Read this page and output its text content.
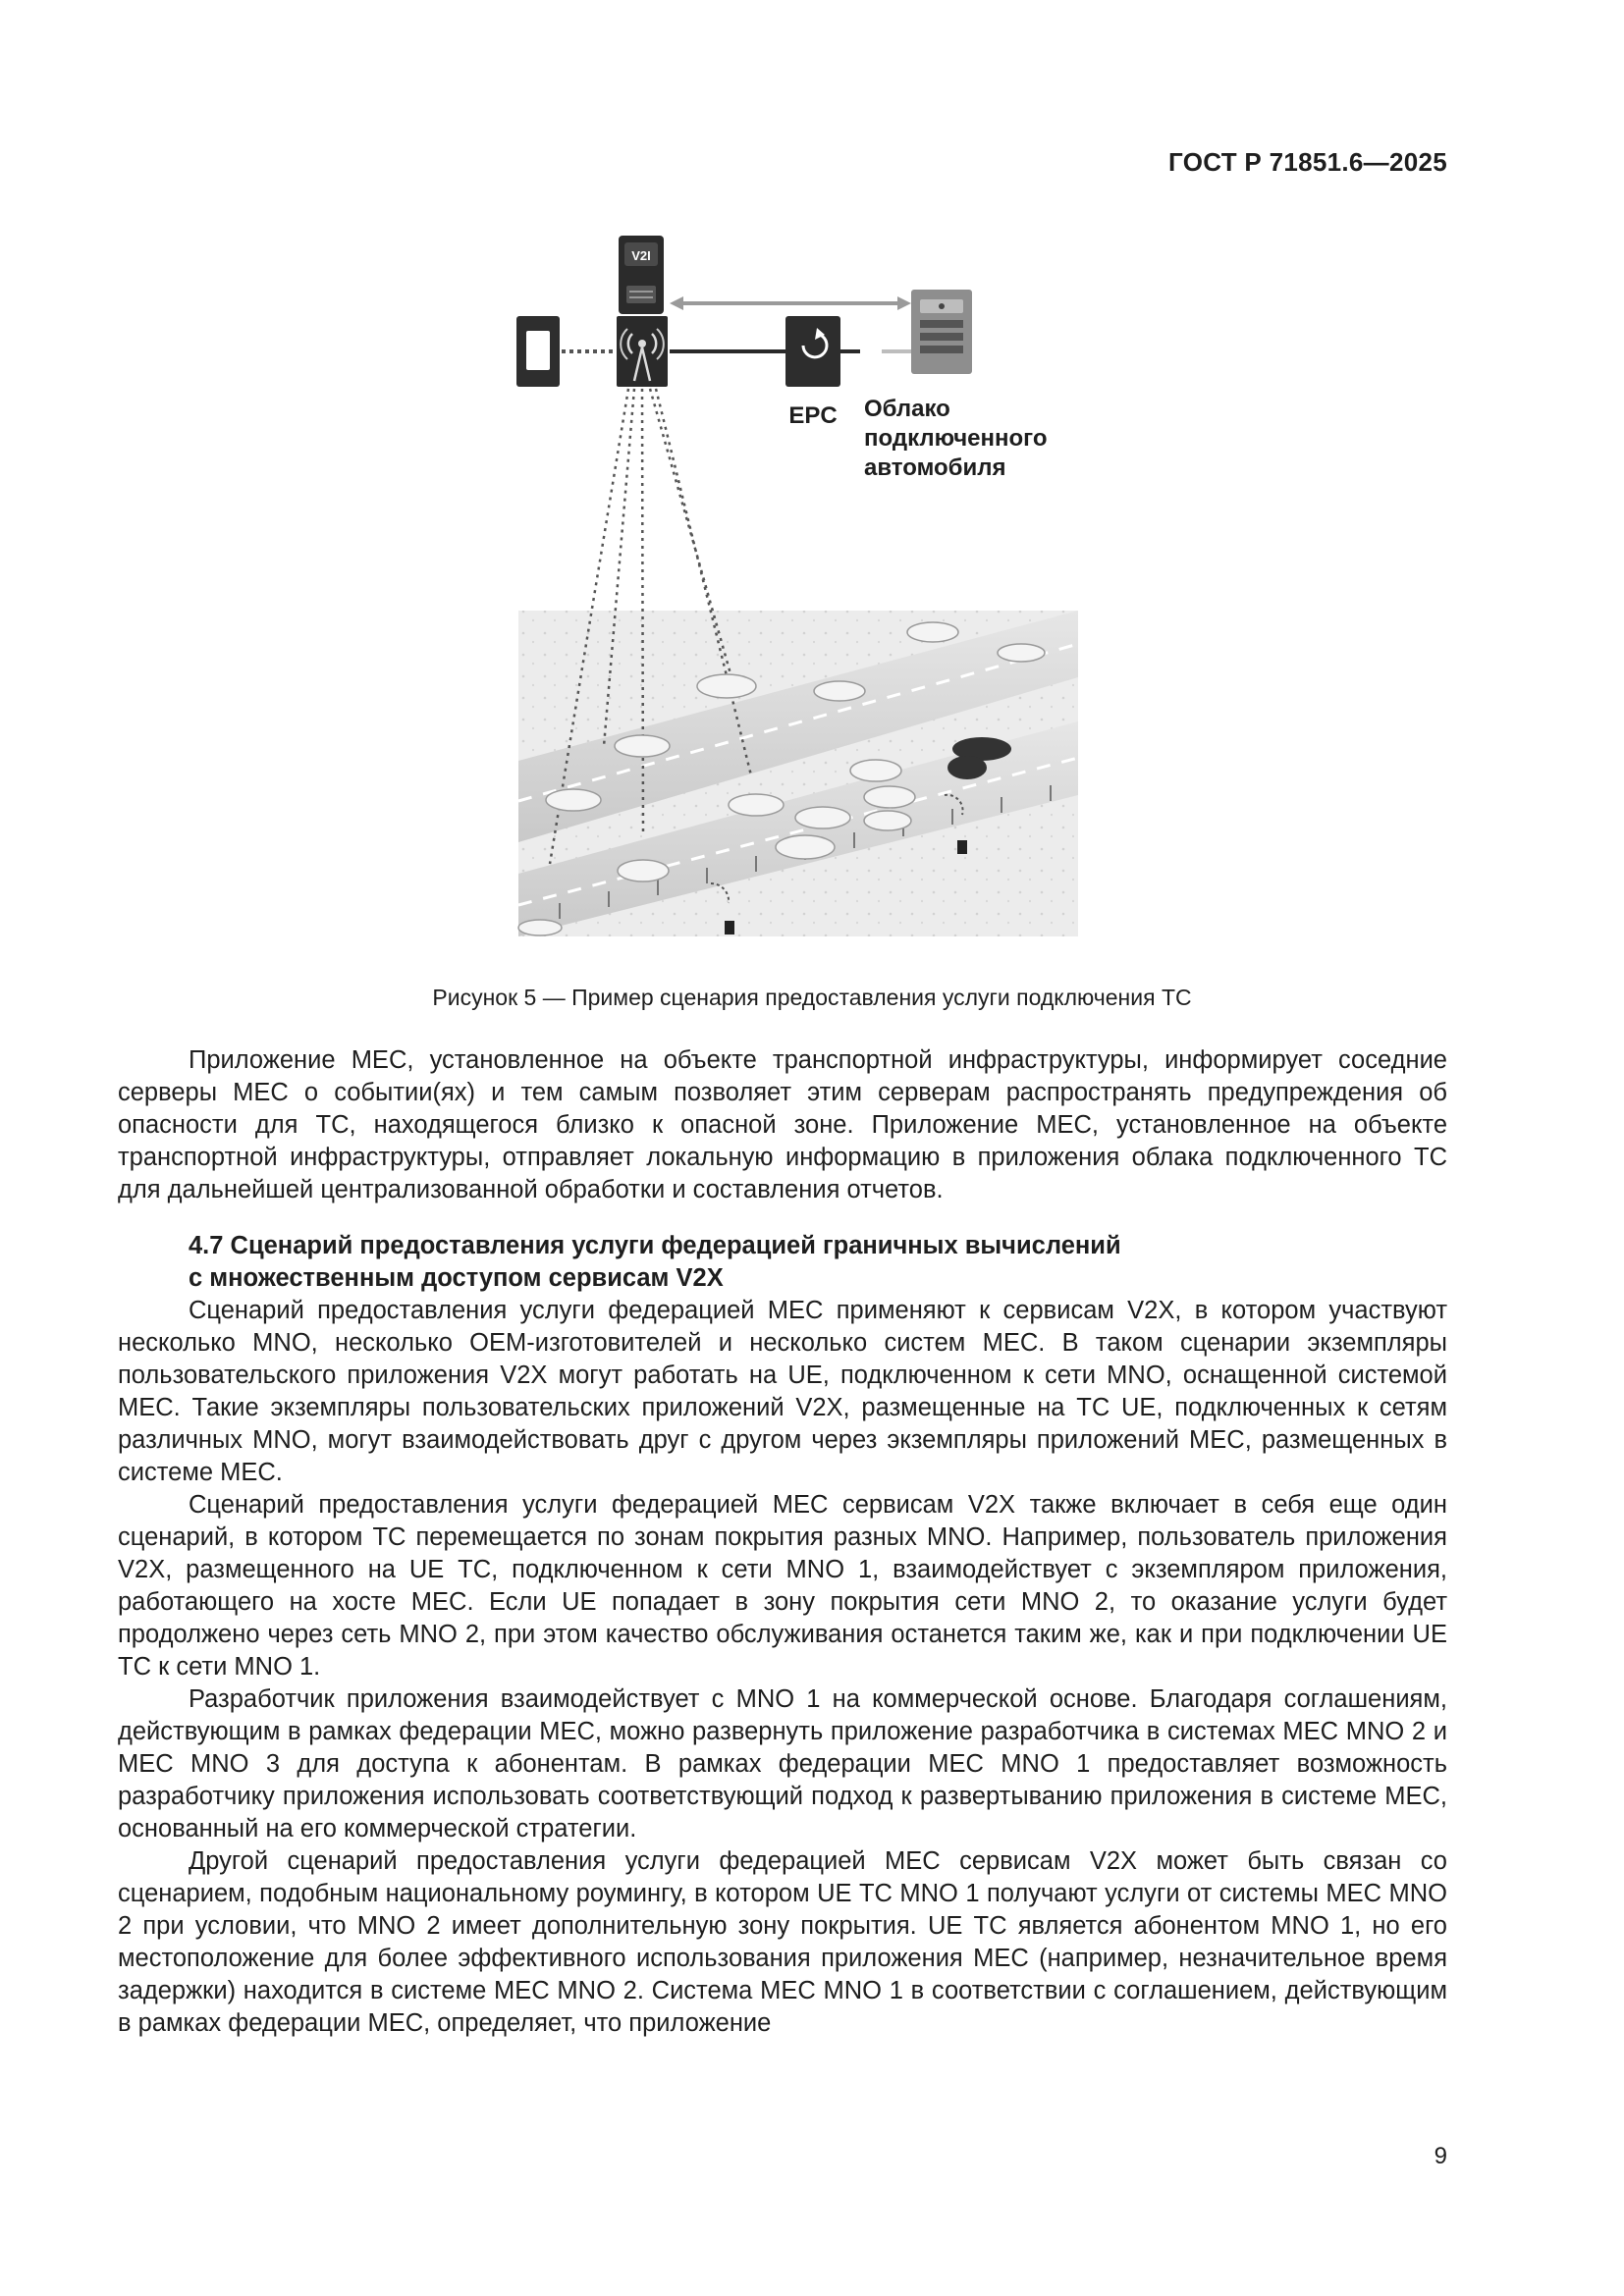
ГОСТ Р 71851.6—2025
V2I
EPC Облако
подключенного
автомобиля
Рисунок 5 — Пример сценария предоставления услуги подключения ТС

Приложение MEC, установленное на объекте транспортной инфраструктуры, информирует соседние серверы MEC о событии(ях) и тем самым позволяет этим серверам распространять предупреждения об опасности для ТС, находящегося близко к опасной зоне. Приложение MEC, установленное на объекте транспортной инфраструктуры, отправляет локальную информацию в приложения облака подключенного ТС для дальнейшей централизованной обработки и составления отчетов.

4.7 Сценарий предоставления услуги федерацией граничных вычислений
с множественным доступом сервисам V2X

Сценарий предоставления услуги федерацией MEC применяют к сервисам V2X, в котором участвуют несколько MNO, несколько OEM-изготовителей и несколько систем MEC. В таком сценарии экземпляры пользовательского приложения V2X могут работать на UE, подключенном к сети MNO, оснащенной системой MEC. Такие экземпляры пользовательских приложений V2X, размещенные на ТС UE, подключенных к сетям различных MNO, могут взаимодействовать друг с другом через экземпляры приложений MEC, размещенных в системе MEC.

Сценарий предоставления услуги федерацией MEC сервисам V2X также включает в себя еще один сценарий, в котором ТС перемещается по зонам покрытия разных MNO. Например, пользователь приложения V2X, размещенного на UE ТС, подключенном к сети MNO 1, взаимодействует с экземпляром приложения, работающего на хосте MEC. Если UE попадает в зону покрытия сети MNO 2, то оказание услуги будет продолжено через сеть MNO 2, при этом качество обслуживания останется таким же, как и при подключении UE ТС к сети MNO 1.

Разработчик приложения взаимодействует с MNO 1 на коммерческой основе. Благодаря соглашениям, действующим в рамках федерации MEC, можно развернуть приложение разработчика в системах MEC MNO 2 и MEC MNO 3 для доступа к абонентам. В рамках федерации MEC MNO 1 предоставляет возможность разработчику приложения использовать соответствующий подход к развертыванию приложения в системе MEC, основанный на его коммерческой стратегии.

Другой сценарий предоставления услуги федерацией MEC сервисам V2X может быть связан со сценарием, подобным национальному роумингу, в котором UE ТС MNO 1 получают услуги от системы MEC MNO 2 при условии, что MNO 2 имеет дополнительную зону покрытия. UE ТС является абонентом MNO 1, но его местоположение для более эффективного использования приложения MEC (например, незначительное время задержки) находится в системе MEC MNO 2. Система MEC MNO 1 в соответствии с соглашением, действующим в рамках федерации MEC, определяет, что приложение

9
